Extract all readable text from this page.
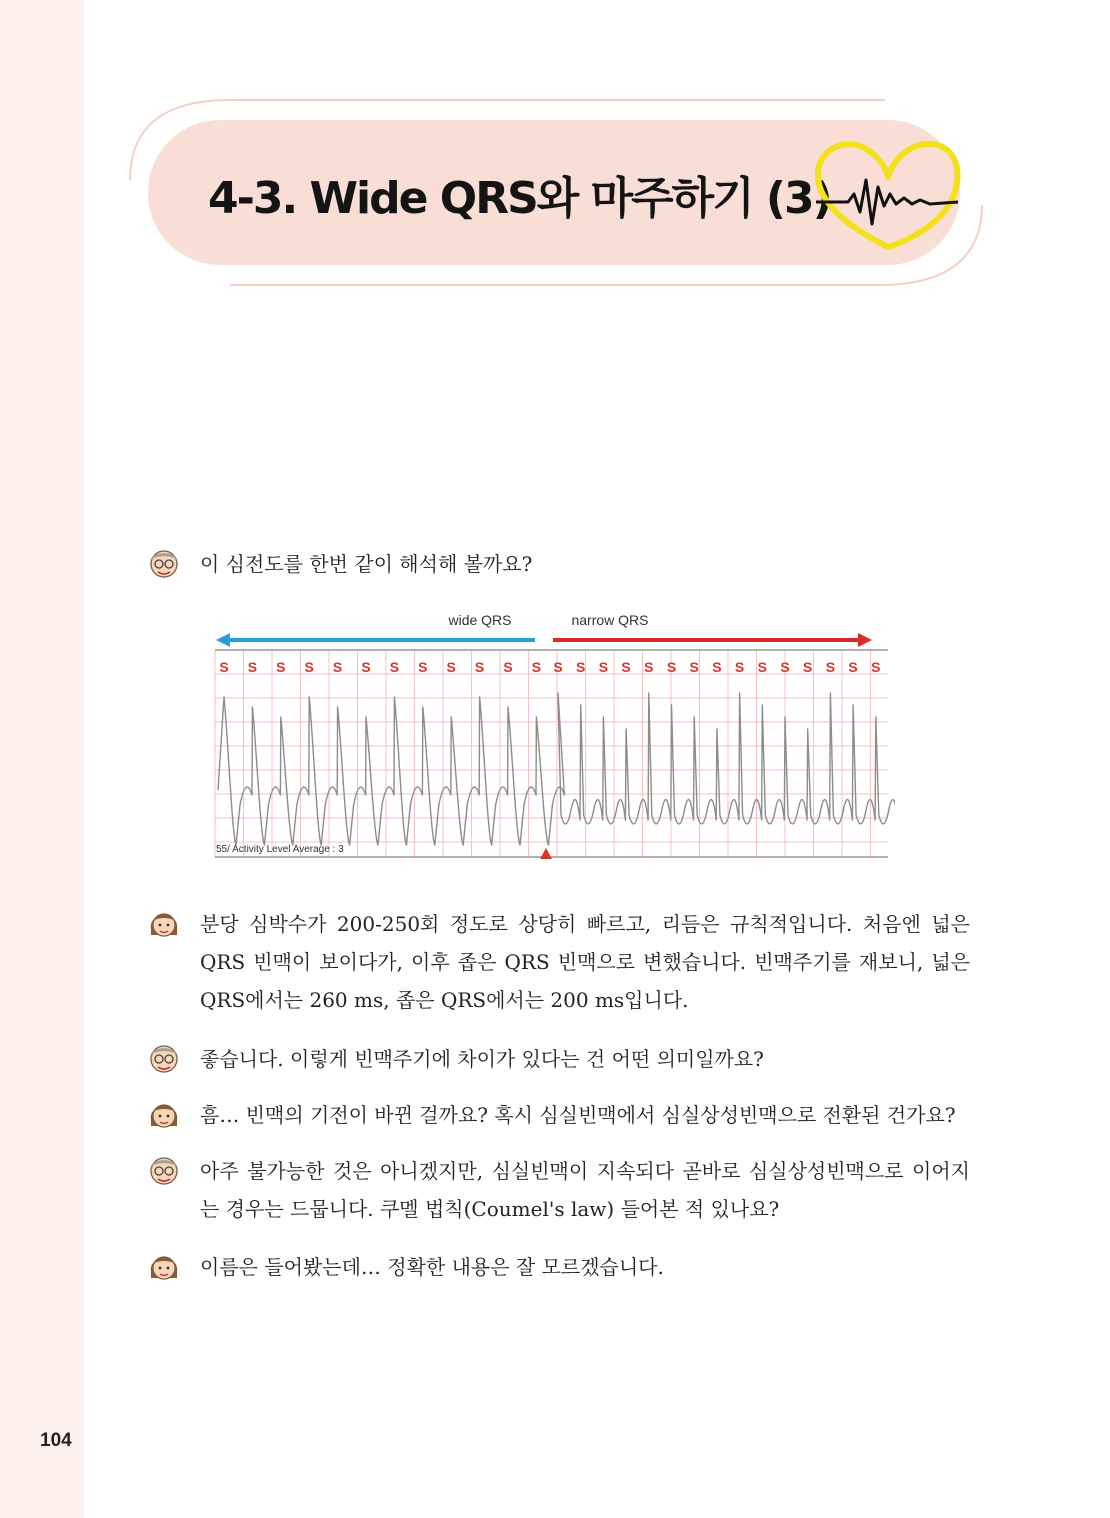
104
4-3. Wide QRS와 마주하기 (3)

이 심전도를 한번 같이 해석해 볼까요?

wide QRS	narrow QRS
S S S S S S S S S S S S S S S S S S S S S S S S S S S
55/ Activity Level Average : 3

분당 심박수가 200-250회 정도로 상당히 빠르고, 리듬은 규칙적입니다. 처음엔 넓은 QRS 빈맥이 보이다가, 이후 좁은 QRS 빈맥으로 변했습니다. 빈맥주기를 재보니, 넓은 QRS에서는 260 ms, 좁은 QRS에서는 200 ms입니다.

좋습니다. 이렇게 빈맥주기에 차이가 있다는 건 어떤 의미일까요?

흠… 빈맥의 기전이 바뀐 걸까요? 혹시 심실빈맥에서 심실상성빈맥으로 전환된 건가요?

아주 불가능한 것은 아니겠지만, 심실빈맥이 지속되다 곧바로 심실상성빈맥으로 이어지는 경우는 드뭅니다. 쿠멜 법칙(Coumel's law) 들어본 적 있나요?

이름은 들어봤는데… 정확한 내용은 잘 모르겠습니다.
